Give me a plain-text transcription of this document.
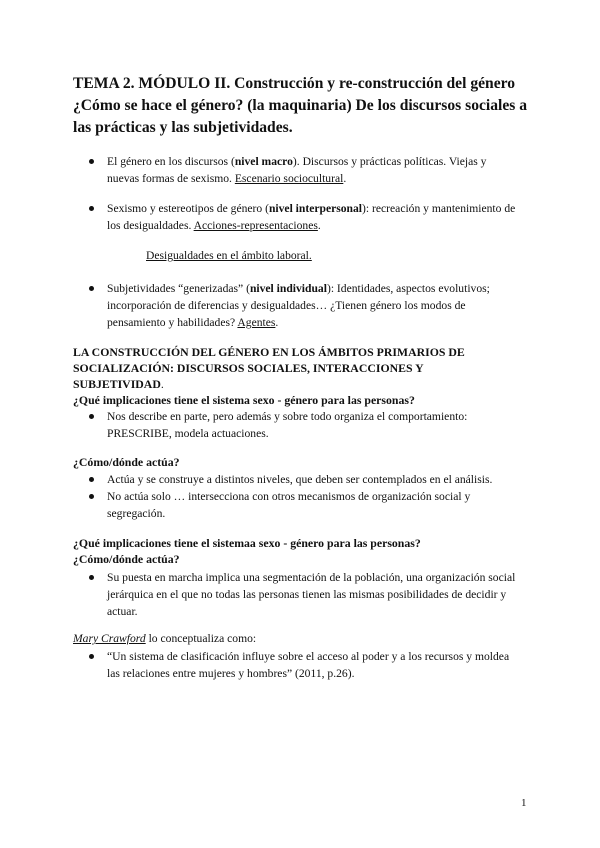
TEMA 2. MÓDULO II. Construcción y re-construcción del género ¿Cómo se hace el género? (la maquinaria) De los discursos sociales a las prácticas y las subjetividades.
El género en los discursos (nivel macro). Discursos y prácticas políticas. Viejas y nuevas formas de sexismo. Escenario sociocultural.
Sexismo y estereotipos de género (nivel interpersonal): recreación y mantenimiento de los desigualdades. Acciones-representaciones.
Desigualdades en el ámbito laboral.
Subjetividades “generizadas” (nivel individual): Identidades, aspectos evolutivos; incorporación de diferencias y desigualdades… ¿Tienen género los modos de pensamiento y habilidades? Agentes.
LA CONSTRUCCIÓN DEL GÉNERO EN LOS ÁMBITOS PRIMARIOS DE SOCIALIZACIÓN: DISCURSOS SOCIALES, INTERACCIONES Y SUBJETIVIDAD.

¿Qué implicaciones tiene el sistema sexo - género para las personas?

Nos describe en parte, pero además y sobre todo organiza el comportamiento: PRESCRIBE, modela actuaciones.

¿Cómo/dónde actúa?

Actúa y se construye a distintos niveles, que deben ser contemplados en el análisis.
No actúa solo … intersecciona con otros mecanismos de organización social y segregación.

¿Qué implicaciones tiene el sistemaa sexo - género para las personas?

¿Cómo/dónde actúa?

Su puesta en marcha implica una segmentación de la población, una organización social jerárquica en el que no todas las personas tienen las mismas posibilidades de decidir y actuar.
Mary Crawford lo conceptualiza como:
“Un sistema de clasificación influye sobre el acceso al poder y a los recursos y moldea las relaciones entre mujeres y hombres” (2011, p.26).
1
